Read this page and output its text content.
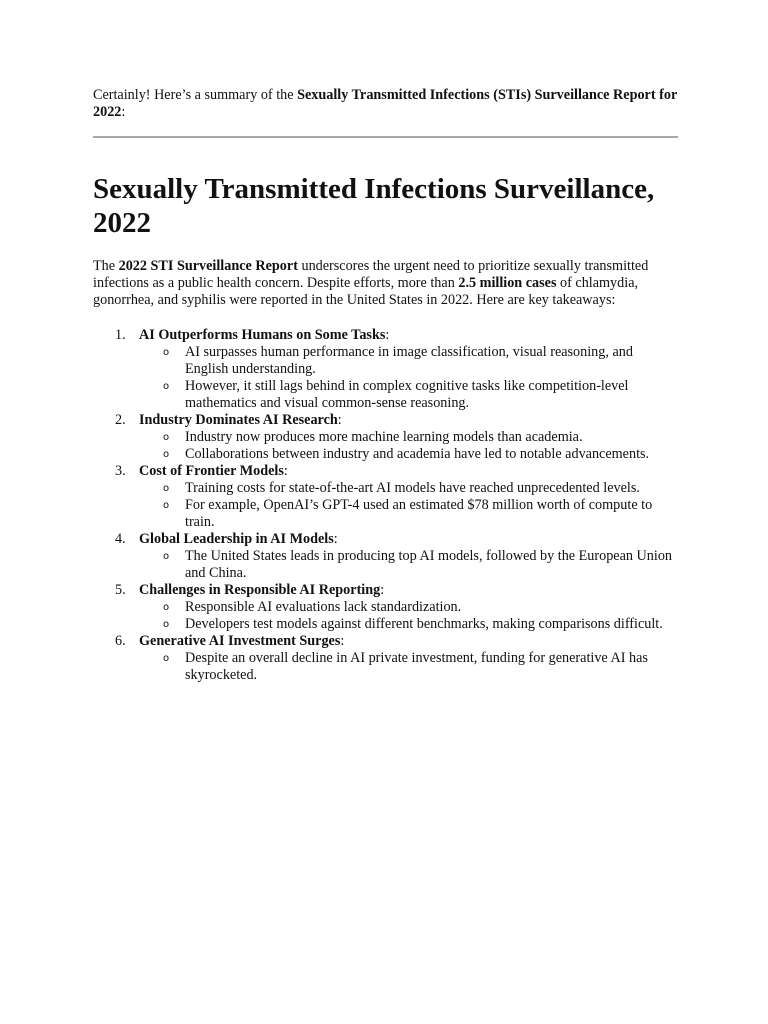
Certainly! Here’s a summary of the Sexually Transmitted Infections (STIs) Surveillance Report for 2022:

Sexually Transmitted Infections Surveillance, 2022

The 2022 STI Surveillance Report underscores the urgent need to prioritize sexually transmitted infections as a public health concern. Despite efforts, more than 2.5 million cases of chlamydia, gonorrhea, and syphilis were reported in the United States in 2022. Here are key takeaways:

1. AI Outperforms Humans on Some Tasks:
o AI surpasses human performance in image classification, visual reasoning, and English understanding.
o However, it still lags behind in complex cognitive tasks like competition-level mathematics and visual common-sense reasoning.
2. Industry Dominates AI Research:
o Industry now produces more machine learning models than academia.
o Collaborations between industry and academia have led to notable advancements.
3. Cost of Frontier Models:
o Training costs for state-of-the-art AI models have reached unprecedented levels.
o For example, OpenAI’s GPT-4 used an estimated $78 million worth of compute to train.
4. Global Leadership in AI Models:
o The United States leads in producing top AI models, followed by the European Union and China.
5. Challenges in Responsible AI Reporting:
o Responsible AI evaluations lack standardization.
o Developers test models against different benchmarks, making comparisons difficult.
6. Generative AI Investment Surges:
o Despite an overall decline in AI private investment, funding for generative AI has skyrocketed.
